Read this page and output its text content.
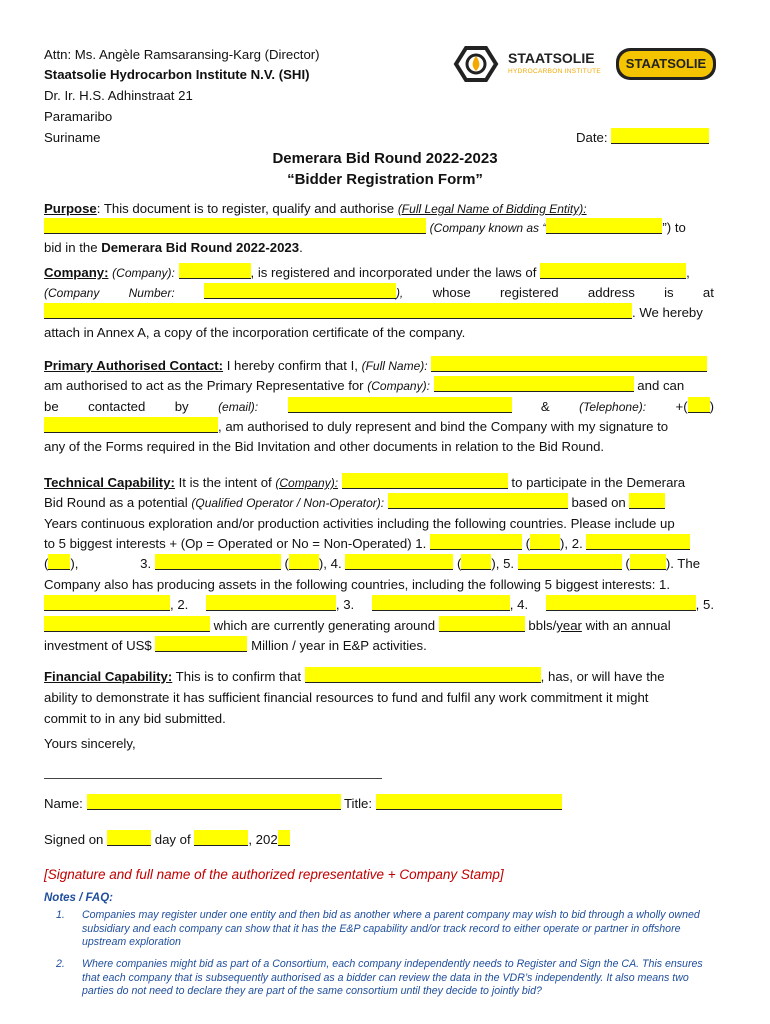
Attn: Ms. Angèle Ramsaransing-Karg (Director)
Staatsolie Hydrocarbon Institute N.V. (SHI)
Dr. Ir. H.S. Adhinstraat 21
Paramaribo
Suriname	Date:
STAATSOLIE
HYDROCARBON INSTITUTE
STAATSOLIE
Demerara Bid Round 2022-2023
“Bidder Registration Form”
Purpose: This document is to register, qualify and authorise (Full Legal Name of Bidding Entity):
(Company known as “	”) to
bid in the Demerara Bid Round 2022-2023.
Company: (Company):	, is registered and incorporated under the laws of	,
(Company Number:	), whose registered address is at
. We hereby
attach in Annex A, a copy of the incorporation certificate of the company.
Primary Authorised Contact: I hereby confirm that I, (Full Name):
am authorised to act as the Primary Representative for (Company):	and can
be contacted by (email):	& (Telephone): +( )
, am authorised to duly represent and bind the Company with my signature to
any of the Forms required in the Bid Invitation and other documents in relation to the Bid Round.
Technical Capability: It is the intent of (Company):	to participate in the Demerara
Bid Round as a potential (Qualified Operator / Non-Operator):	based on
Years continuous exploration and/or production activities including the following countries. Please include up
to 5 biggest interests + (Op = Operated or No = Non-Operated) 1.	( ), 2.
( ),	3.	( ), 4.	( ), 5.	(	). The
Company also has producing assets in the following countries, including the following 5 biggest interests: 1.
, 2.	, 3.	, 4.	, 5.
which are currently generating around	bbls/year with an annual
investment of US$	Million / year in E&P activities.
Financial Capability: This is to confirm that	, has, or will have the
ability to demonstrate it has sufficient financial resources to fund and fulfil any work commitment it might
commit to in any bid submitted.
Yours sincerely,
Name:	Title:
Signed on	day of	, 202
[Signature and full name of the authorized representative + Company Stamp]
Notes / FAQ:
1. Companies may register under one entity and then bid as another where a parent company may wish to bid through a wholly owned subsidiary and each company can show that it has the E&P capability and/or track record to either operate or partner in offshore upstream exploration
2. Where companies might bid as part of a Consortium, each company independently needs to Register and Sign the CA. This ensures that each company that is subsequently authorised as a bidder can review the data in the VDR’s independently. It also means two parties do not need to declare they are part of the same consortium until they decide to jointly bid?
